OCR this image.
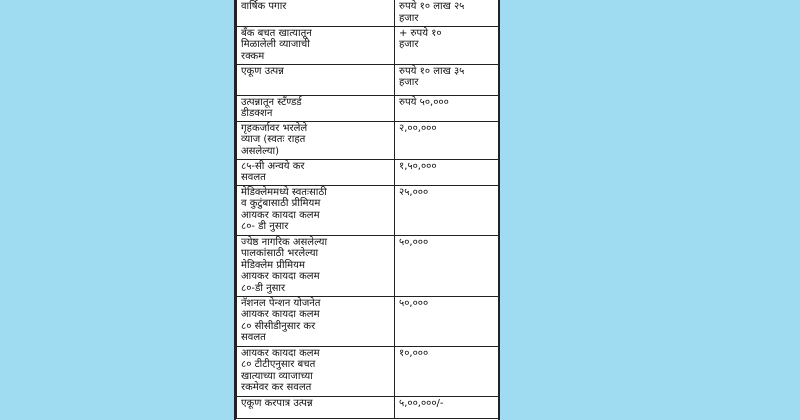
वार्षिक पगार	रुपये १० लाख २५
हजार
बँक बचत खात्यातून
मिळालेली व्याजाची
रक्कम	+ रुपये १०
हजार
एकूण उत्पन्न	रुपये १० लाख ३५
हजार
उत्पन्नातून स्टँण्डर्ड
डीडक्शन	रुपये ५०,०००
गृहकर्जावर भरलेले
व्याज (स्वतः राहत
असलेल्या)	२,००,०००
८५-सी अन्वये कर
सवलत	१,५०,०००
मेडिक्लेममध्ये स्वतःसाठी
व कुटुंबासाठी प्रीमियम
आयकर कायदा कलम
८०- डी नुसार	२५,०००
ज्येष्ठ नागरिक असलेल्या
पालकांसाठी भरलेल्या
मेडिक्लेम प्रीमियम
आयकर कायदा कलम
८०-डी नुसार	५०,०००
नॅशनल पेन्शन योजनेत
आयकर कायदा कलम
८० सीसीडीनुसार कर
सवलत	५०,०००
आयकर कायदा कलम
८० टीटीएनुसार बचत
खात्याच्या व्याजाच्या
रकमेवर कर सवलत	१०,०००
एकूण करपात्र उत्पन्न	५,००,०००/-
